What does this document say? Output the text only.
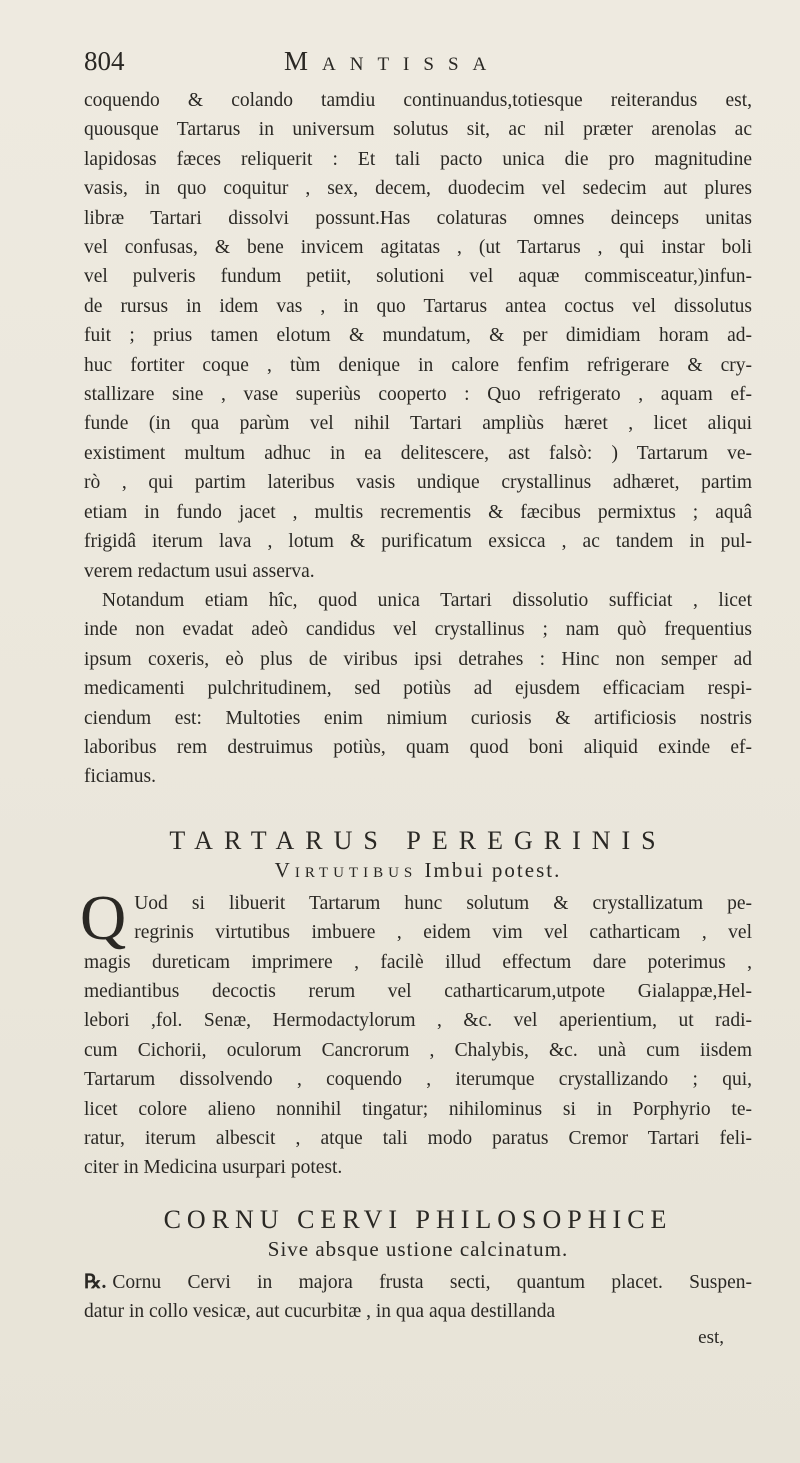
804	Mantissa
coquendo & colando tamdiu continuandus,totiesque reiterandus est,
quousque Tartarus in universum solutus sit, ac nil præter arenolas ac
lapidosas fæces reliquerit : Et tali pacto unica die pro magnitudine
vasis, in quo coquitur , sex, decem, duodecim vel sedecim aut plures
libræ Tartari dissolvi possunt.Has colaturas omnes deinceps unitas
vel confusas, & bene invicem agitatas , (ut Tartarus , qui instar boli
vel pulveris fundum petiit, solutioni vel aquæ commisceatur,)infun-
de rursus in idem vas , in quo Tartarus antea coctus vel dissolutus
fuit ; prius tamen elotum & mundatum, & per dimidiam horam ad-
huc fortiter coque , tùm denique in calore fenfim refrigerare & cry-
stallizare sine , vase superiùs cooperto : Quo refrigerato , aquam ef-
funde (in qua parùm vel nihil Tartari ampliùs hæret , licet aliqui
existiment multum adhuc in ea delitescere, ast falsò: ) Tartarum ve-
rò , qui partim lateribus vasis undique crystallinus adhæret, partim
etiam in fundo jacet , multis recrementis & fæcibus permixtus ; aquâ
frigidâ iterum lava , lotum & purificatum exsicca , ac tandem in pul-
verem redactum usui asserva.
Notandum etiam hîc, quod unica Tartari dissolutio sufficiat , licet
inde non evadat adeò candidus vel crystallinus ; nam quò frequentius
ipsum coxeris, eò plus de viribus ipsi detrahes : Hinc non semper ad
medicamenti pulchritudinem, sed potiùs ad ejusdem efficaciam respi-
ciendum est: Multoties enim nimium curiosis & artificiosis nostris
laboribus rem destruimus potiùs, quam quod boni aliquid exinde ef-
ficiamus.
TARTARUS PEREGRINIS
Virtutibus Imbui potest.
Q Uod si libuerit Tartarum hunc solutum & crystallizatum pe-
regrinis virtutibus imbuere , eidem vim vel catharticam , vel
magis dureticam imprimere , facilè illud effectum dare poterimus ,
mediantibus decoctis rerum vel catharticarum,utpote Gialappæ,Hel-
lebori ,fol. Senæ, Hermodactylorum , &c. vel aperientium, ut radi-
cum Cichorii, oculorum Cancrorum , Chalybis, &c. unà cum iisdem
Tartarum dissolvendo , coquendo , iterumque crystallizando ; qui,
licet colore alieno nonnihil tingatur; nihilominus si in Porphyrio te-
ratur, iterum albescit , atque tali modo paratus Cremor Tartari feli-
citer in Medicina usurpari potest.
CORNU CERVI PHILOSOPHICE
Sive absque ustione calcinatum.
℞. Cornu Cervi in majora frusta secti, quantum placet. Suspen-
datur in collo vesicæ, aut cucurbitæ , in qua aqua destillanda
est,
